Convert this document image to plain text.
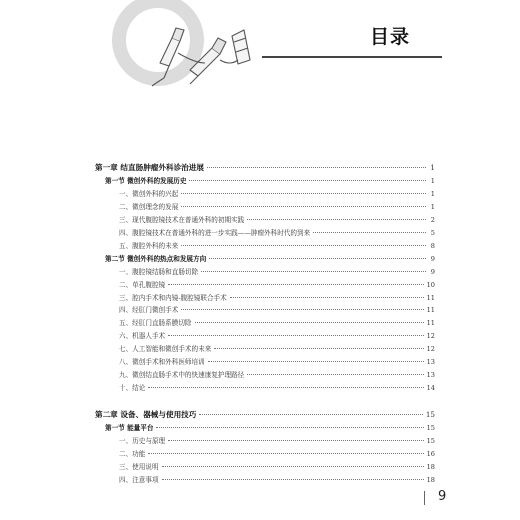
目录
第一章 结直肠肿瘤外科诊治进展	1
第一节 微创外科的发展历史	1
一、微创外科的兴起	1
二、微创理念的发展	1
三、现代腹腔镜技术在普通外科的初期实践	2
四、腹腔镜技术在普通外科的进一步实践——肿瘤外科时代的到来	5
五、腹腔外科的未来	8
第二节 微创外科的热点和发展方向	9
一、腹腔镜结肠和直肠切除	9
二、单孔腹腔镜	10
三、腔内手术和内镜-腹腔镜联合手术	11
四、经肛门微创手术	11
五、经肛门直肠系膜切除	11
六、机器人手术	12
七、人工智能和微创手术的未来	12
八、微创手术和外科医师培训	13
九、微创结直肠手术中的快速康复护理路径	13
十、结论	14
第二章 设备、器械与使用技巧	15
第一节 能量平台	15
一、历史与原理	15
二、功能	16
三、使用说明	18
四、注意事项	18
9
